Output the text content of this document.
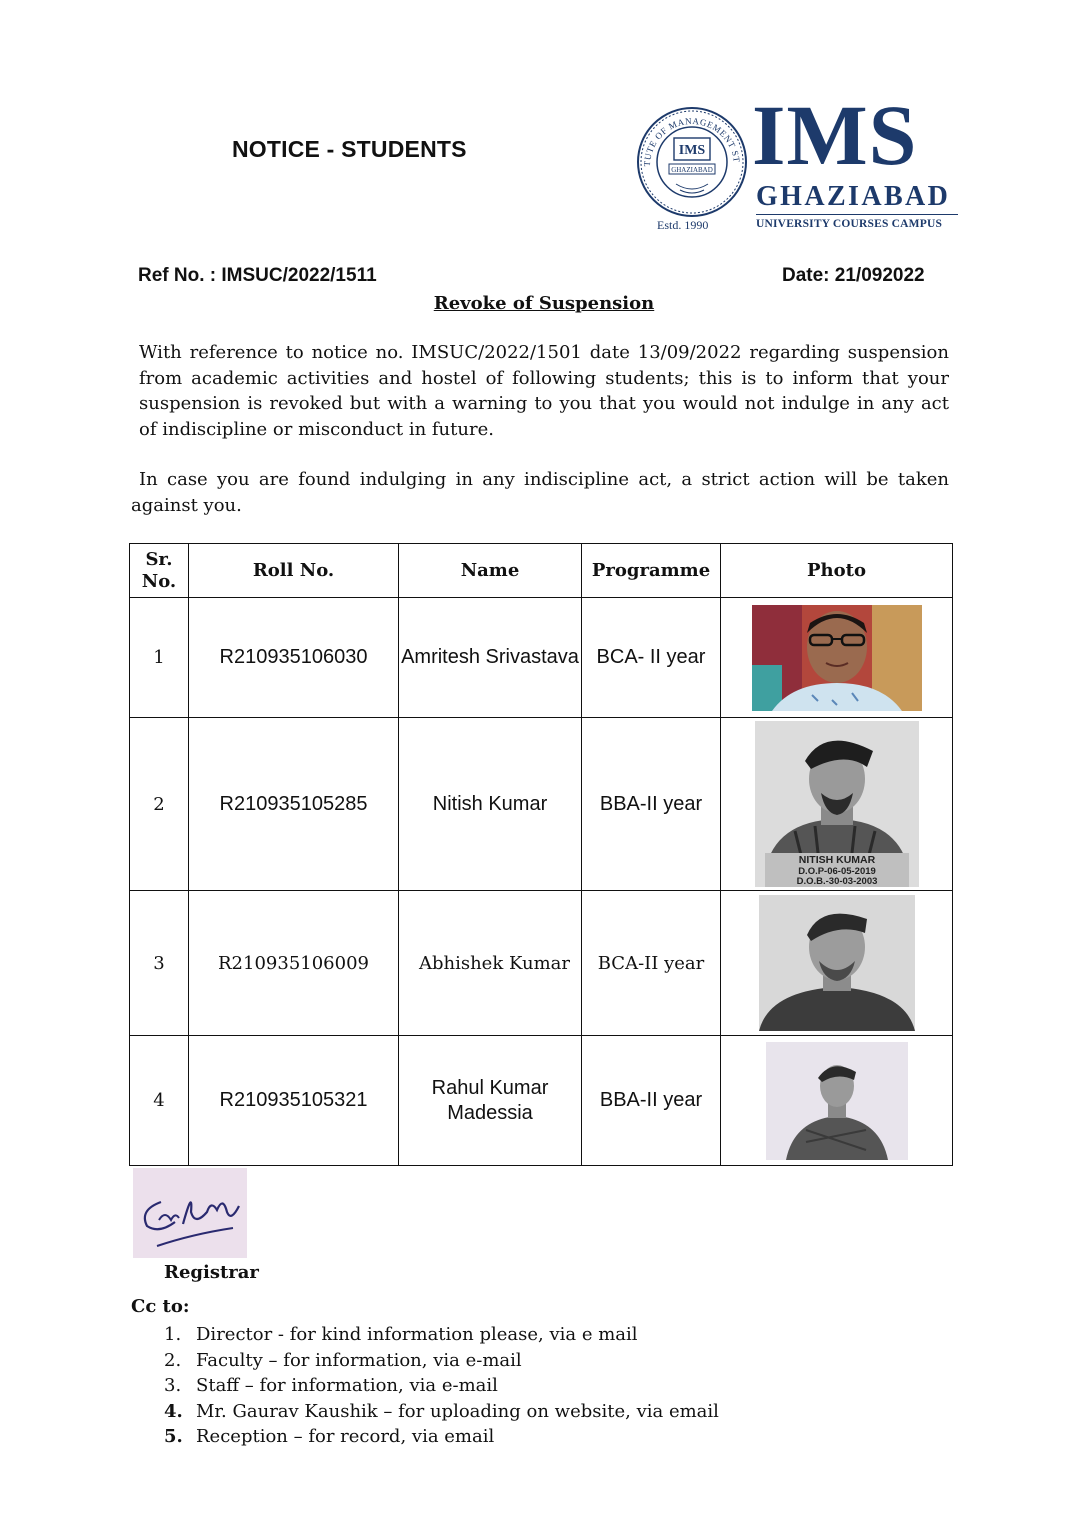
NOTICE - STUDENTS
TUTE OF MANAGEMENT ST
IMS
GHAZIABAD
Estd. 1990
IMS
GHAZIABAD
UNIVERSITY COURSES CAMPUS
Ref No. : IMSUC/2022/1511	Date: 21/092022
Revoke of Suspension
With reference to notice no. IMSUC/2022/1501 date 13/09/2022 regarding suspension from academic activities and hostel of following students; this is to inform that your suspension is revoked but with a warning to you that you would not indulge in any act of indiscipline or misconduct in future.
In case you are found indulging in any indiscipline act, a strict action will be taken against you.
Sr. No.	Roll No.	Name	Programme	Photo
1	R210935106030	Amritesh Srivastava	BCA- II year	

2	R210935105285	Nitish Kumar	BBA-II year	NITISH KUMAR
D.O.P-06-05-2019
D.O.B.-30-03-2003

3	R210935106009	Abhishek Kumar	BCA-II year	

4	R210935105321	Rahul Kumar Madessia	BBA-II year	
Registrar
Cc to:
1. Director - for kind information please, via e mail
2. Faculty – for information, via e-mail
3. Staff – for information, via e-mail
4. Mr. Gaurav Kaushik – for uploading on website, via email
5. Reception – for record, via email
